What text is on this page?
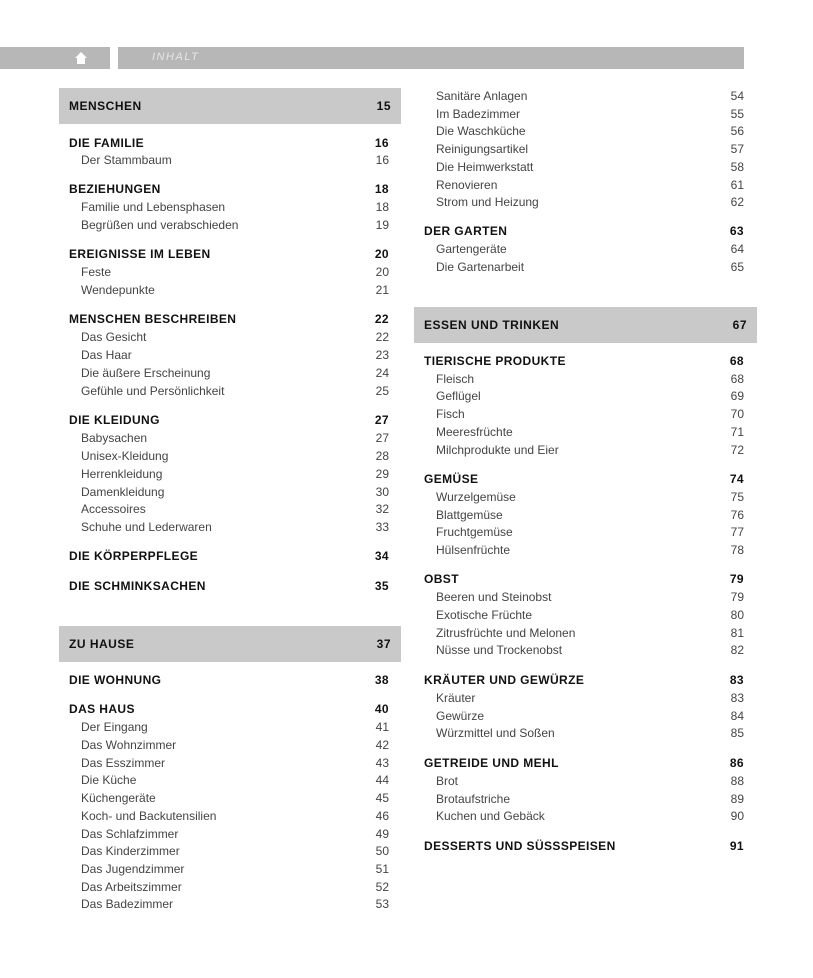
INHALT
MENSCHEN	15
DIE FAMILIE	16
Der Stammbaum	16
BEZIEHUNGEN	18
Familie und Lebensphasen	18
Begrüßen und verabschieden	19
EREIGNISSE IM LEBEN	20
Feste	20
Wendepunkte	21
MENSCHEN BESCHREIBEN	22
Das Gesicht	22
Das Haar	23
Die äußere Erscheinung	24
Gefühle und Persönlichkeit	25
DIE KLEIDUNG	27
Babysachen	27
Unisex-Kleidung	28
Herrenkleidung	29
Damenkleidung	30
Accessoires	32
Schuhe und Lederwaren	33
DIE KÖRPERPFLEGE	34
DIE SCHMINKSACHEN	35
ZU HAUSE	37
DIE WOHNUNG	38
DAS HAUS	40
Der Eingang	41
Das Wohnzimmer	42
Das Esszimmer	43
Die Küche	44
Küchengeräte	45
Koch- und Backutensilien	46
Das Schlafzimmer	49
Das Kinderzimmer	50
Das Jugendzimmer	51
Das Arbeitszimmer	52
Das Badezimmer	53
Sanitäre Anlagen	54
Im Badezimmer	55
Die Waschküche	56
Reinigungsartikel	57
Die Heimwerkstatt	58
Renovieren	61
Strom und Heizung	62
DER GARTEN	63
Gartengeräte	64
Die Gartenarbeit	65
ESSEN UND TRINKEN	67
TIERISCHE PRODUKTE	68
Fleisch	68
Geflügel	69
Fisch	70
Meeresfrüchte	71
Milchprodukte und Eier	72
GEMÜSE	74
Wurzelgemüse	75
Blattgemüse	76
Fruchtgemüse	77
Hülsenfrüchte	78
OBST	79
Beeren und Steinobst	79
Exotische Früchte	80
Zitrusfrüchte und Melonen	81
Nüsse und Trockenobst	82
KRÄUTER UND GEWÜRZE	83
Kräuter	83
Gewürze	84
Würzmittel und Soßen	85
GETREIDE UND MEHL	86
Brot	88
Brotaufstriche	89
Kuchen und Gebäck	90
DESSERTS UND SÜSSSPEISEN	91
